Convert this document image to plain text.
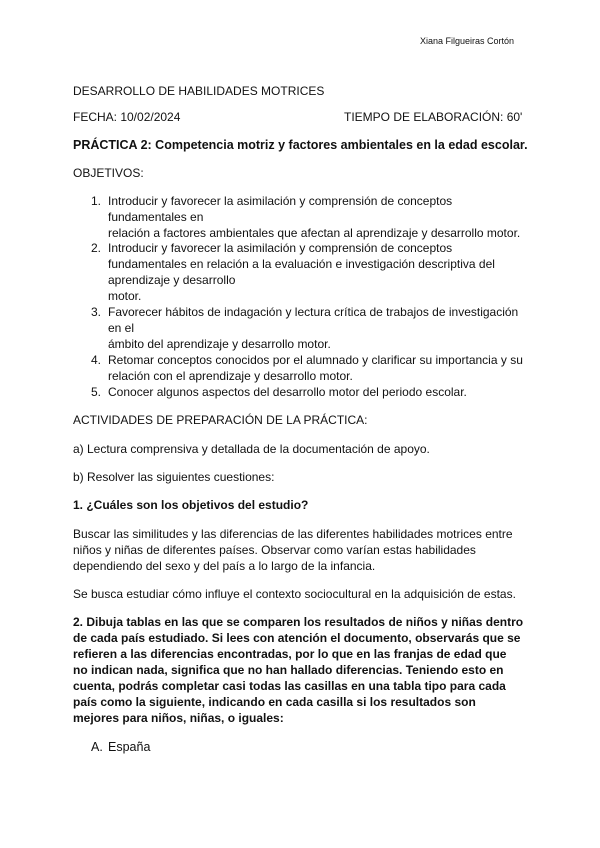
Xiana Filgueiras Cortón
DESARROLLO DE HABILIDADES MOTRICES
FECHA: 10/02/2024	TIEMPO DE ELABORACIÓN: 60'
PRÁCTICA 2: Competencia motriz y factores ambientales en la edad escolar.
OBJETIVOS:
1. Introducir y favorecer la asimilación y comprensión de conceptos
fundamentales en
relación a factores ambientales que afectan al aprendizaje y desarrollo motor.
2. Introducir y favorecer la asimilación y comprensión de conceptos
fundamentales en relación a la evaluación e investigación descriptiva del
aprendizaje y desarrollo
motor.
3. Favorecer hábitos de indagación y lectura crítica de trabajos de investigación
en el
ámbito del aprendizaje y desarrollo motor.
4. Retomar conceptos conocidos por el alumnado y clarificar su importancia y su
relación con el aprendizaje y desarrollo motor.
5. Conocer algunos aspectos del desarrollo motor del periodo escolar.
ACTIVIDADES DE PREPARACIÓN DE LA PRÁCTICA:
a) Lectura comprensiva y detallada de la documentación de apoyo.
b) Resolver las siguientes cuestiones:
1. ¿Cuáles son los objetivos del estudio?
Buscar las similitudes y las diferencias de las diferentes habilidades motrices entre
niños y niñas de diferentes países. Observar como varían estas habilidades
dependiendo del sexo y del país a lo largo de la infancia.
Se busca estudiar cómo influye el contexto sociocultural en la adquisición de estas.
2. Dibuja tablas en las que se comparen los resultados de niños y niñas dentro
de cada país estudiado. Si lees con atención el documento, observarás que se
refieren a las diferencias encontradas, por lo que en las franjas de edad que
no indican nada, significa que no han hallado diferencias. Teniendo esto en
cuenta, podrás completar casi todas las casillas en una tabla tipo para cada
país como la siguiente, indicando en cada casilla si los resultados son
mejores para niños, niñas, o iguales:
A. España
